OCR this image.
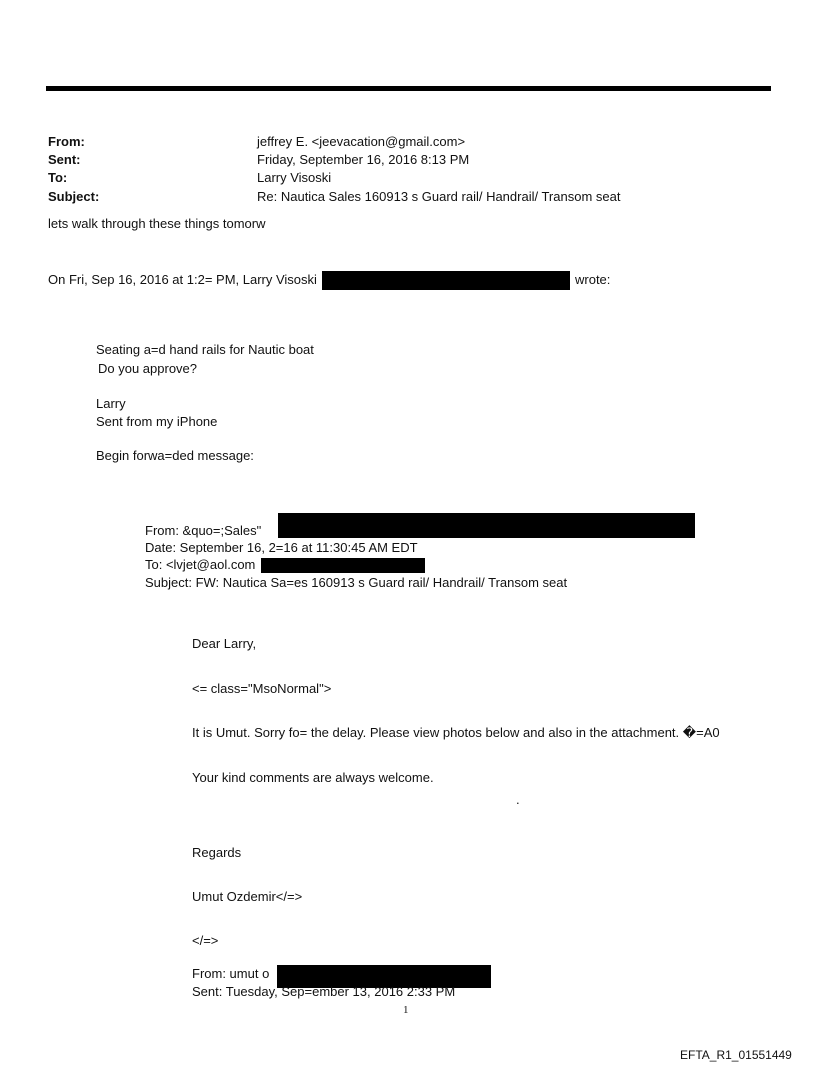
From:	jeffrey E. <jeevacation@gmail.com>
Sent:	Friday, September 16, 2016 8:13 PM
To:	Larry Visoski
Subject:	Re: Nautica Sales 160913 s Guard rail/ Handrail/ Transom seat
lets walk through these things tomorw
On Fri, Sep 16, 2016 at 1:2= PM, Larry Visoski	wrote:
Seating a=d hand rails for Nautic boat
Do you approve?
Larry
Sent from my iPhone
Begin forwa=ded message:
From: &quo=;Sales"
Date: September 16, 2=16 at 11:30:45 AM EDT
To: <lvjet@aol.com
Subject: FW: Nautica Sa=es 160913 s Guard rail/ Handrail/ Transom seat
Dear Larry,
<= class="MsoNormal">
It is Umut. Sorry fo= the delay. Please view photos below and also in the attachment. �=A0
Your kind comments are always welcome.
.
Regards
Umut Ozdemir</=>
</=>
From: umut o
Sent: Tuesday, Sep=ember 13, 2016 2:33 PM
1
EFTA_R1_01551449
